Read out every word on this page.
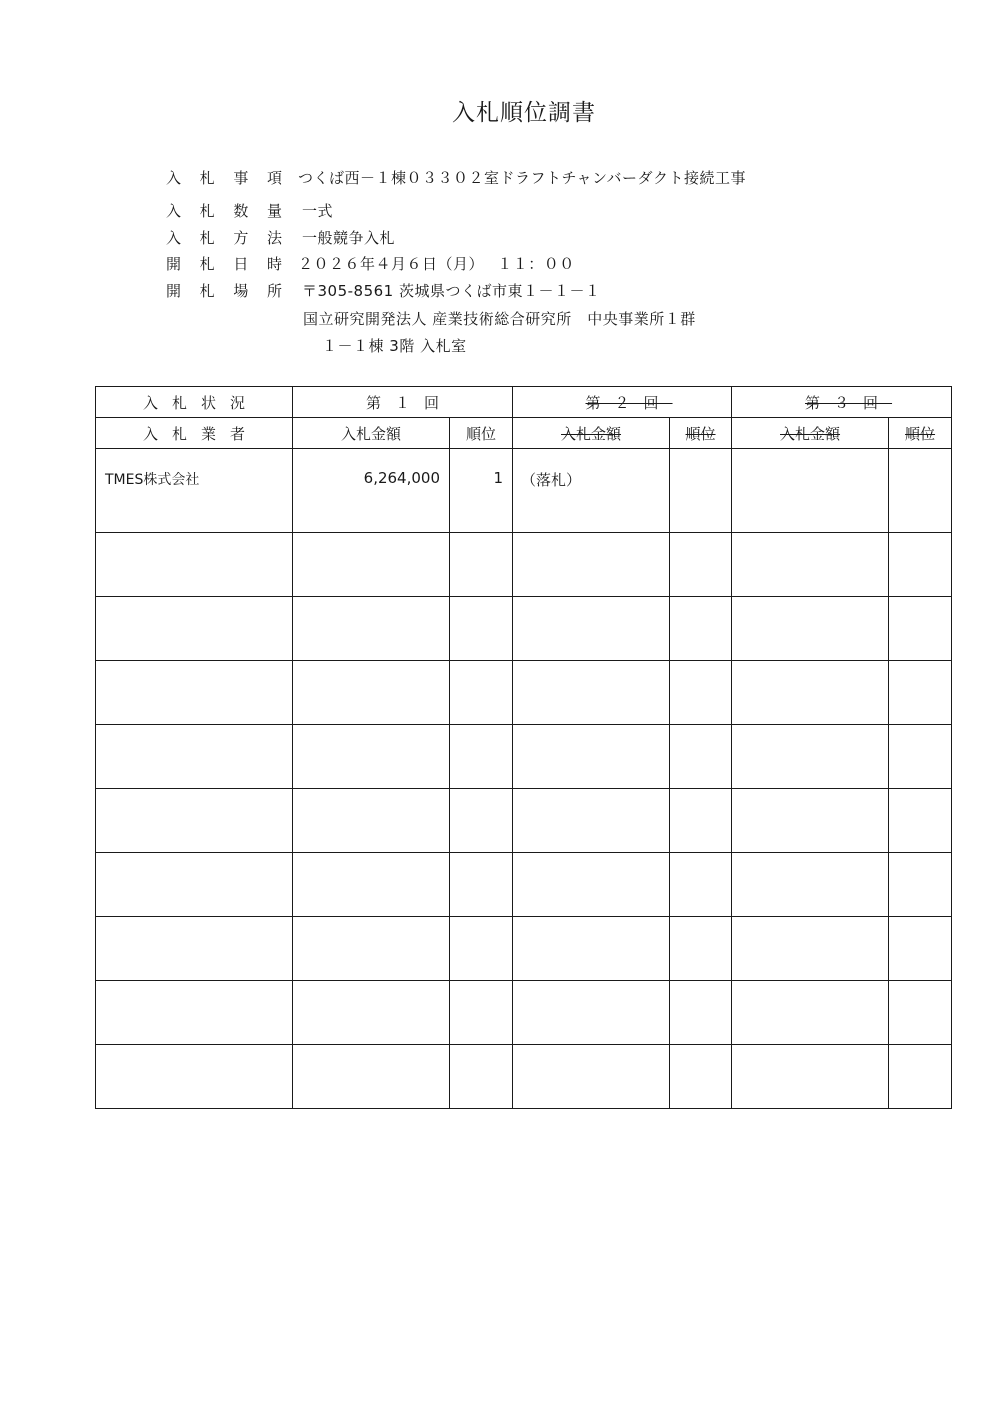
入札順位調書
入 札 事 項 つくば西－１棟０３３０２室ドラフトチャンバーダクト接続工事
入 札 数 量 一式
入 札 方 法 一般競争入札
開 札 日 時 ２０２６年４月６日（月）　 １１：００
開 札 場 所 〒305-8561 茨城県つくば市東１－１－１
国立研究開発法人 産業技術総合研究所　中央事業所１群
１－１棟 3階 入札室
入札状況	第１回		第２回		第３回	
入札業者	入札金額	順位	入札金額	順位	入札金額	順位
TMES株式会社	6,264,000	1	（落札）			
